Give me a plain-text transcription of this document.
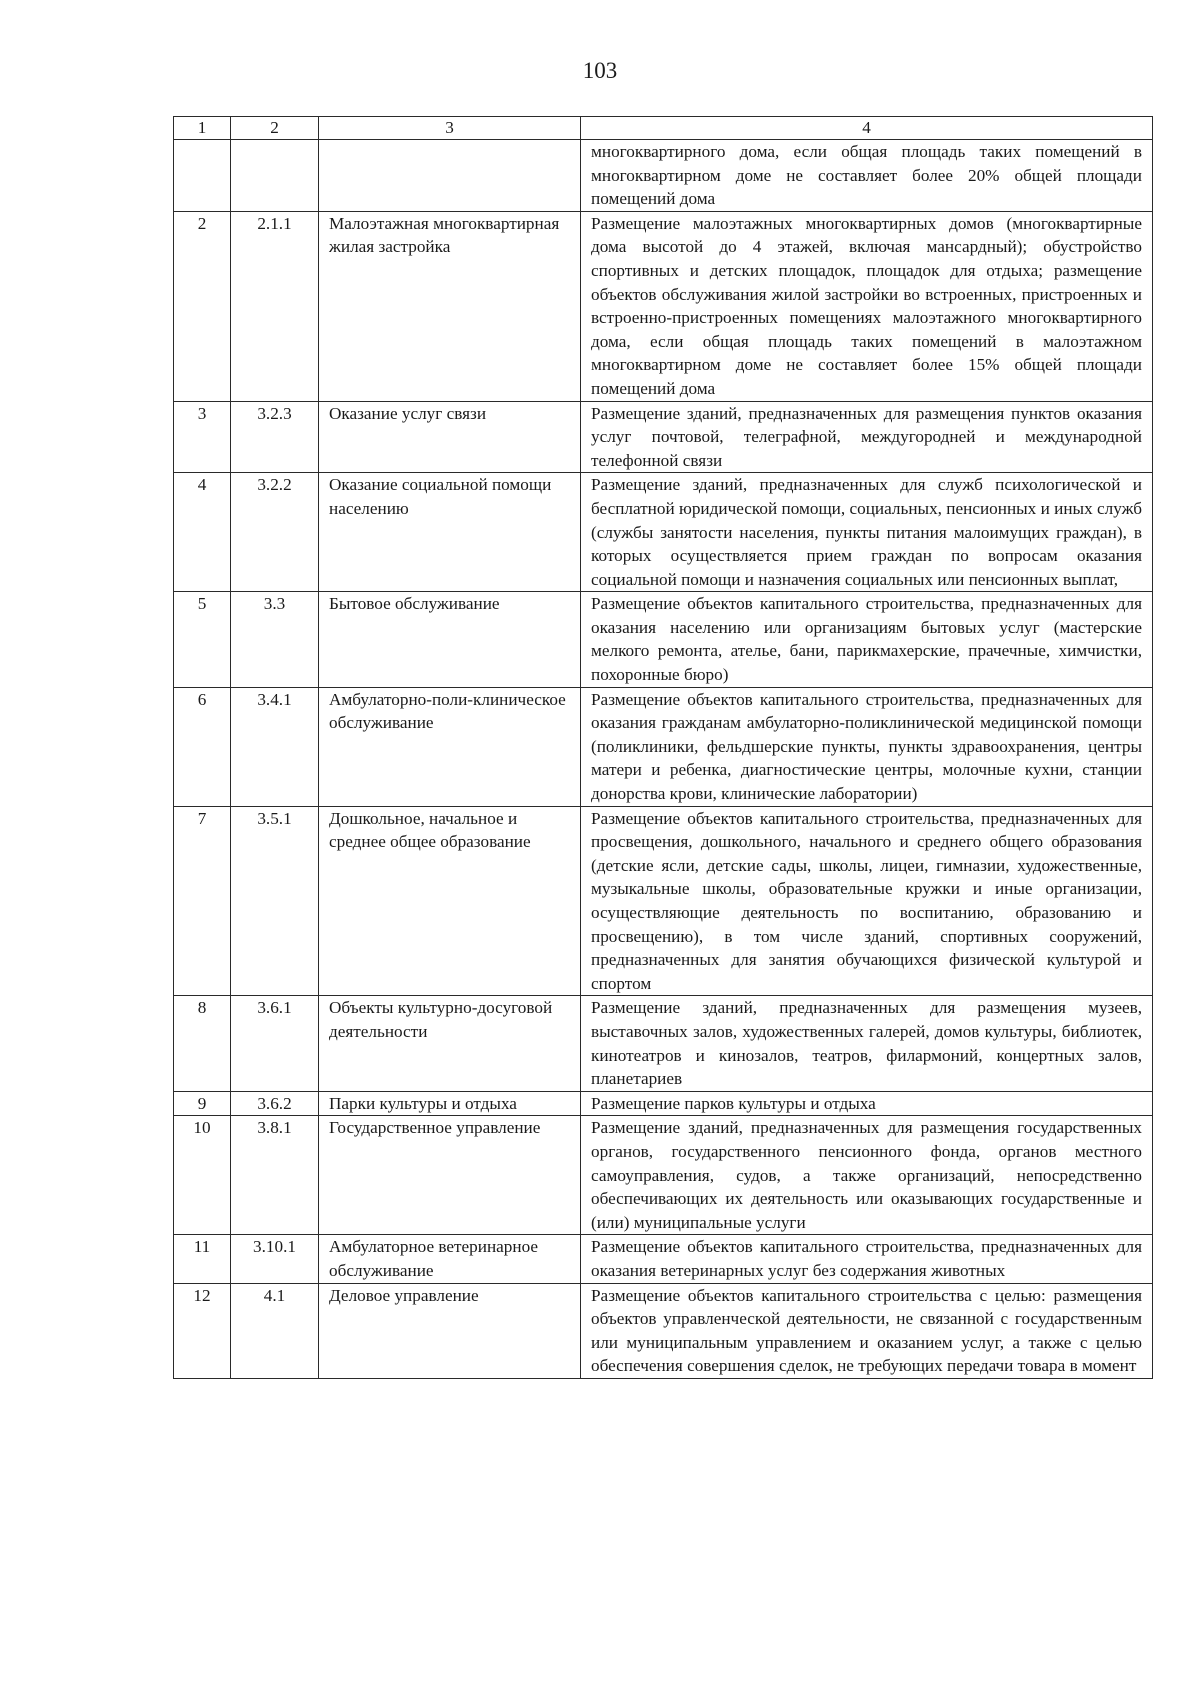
103
1	2	3	4
			многоквартирного дома, если общая площадь таких помещений в многоквартирном доме не составляет более 20% общей площади помещений дома
2	2.1.1	Малоэтажная многоквартирная жилая застройка	Размещение малоэтажных многоквартирных домов (многоквартирные дома высотой до 4 этажей, включая мансардный); обустройство спортивных и детских площадок, площадок для отдыха; размещение объектов обслуживания жилой застройки во встроенных, пристроенных и встроенно-пристроенных помещениях малоэтажного многоквартирного дома, если общая площадь таких помещений в малоэтажном многоквартирном доме не составляет более 15% общей площади помещений дома
3	3.2.3	Оказание услуг связи	Размещение зданий, предназначенных для размещения пунктов оказания услуг почтовой, телеграфной, междугородней и международной телефонной связи
4	3.2.2	Оказание социальной помощи населению	Размещение зданий, предназначенных для служб психологической и бесплатной юридической помощи, социальных, пенсионных и иных служб (службы занятости населения, пункты питания малоимущих граждан), в которых осуществляется прием граждан по вопросам оказания социальной помощи и назначения социальных или пенсионных выплат,
5	3.3	Бытовое обслуживание	Размещение объектов капитального строительства, предназначенных для оказания населению или организациям бытовых услуг (мастерские мелкого ремонта, ателье, бани, парикмахерские, прачечные, химчистки, похоронные бюро)
6	3.4.1	Амбулаторно-поли-клиническое обслуживание	Размещение объектов капитального строительства, предназначенных для оказания гражданам амбулаторно-поликлинической медицинской помощи (поликлиники, фельдшерские пункты, пункты здравоохранения, центры матери и ребенка, диагностические центры, молочные кухни, станции донорства крови, клинические лаборатории)
7	3.5.1	Дошкольное, начальное и среднее общее образование	Размещение объектов капитального строительства, предназначенных для просвещения, дошкольного, начального и среднего общего образования (детские ясли, детские сады, школы, лицеи, гимназии, художественные, музыкальные школы, образовательные кружки и иные организации, осуществляющие деятельность по воспитанию, образованию и просвещению), в том числе зданий, спортивных сооружений, предназначенных для занятия обучающихся физической культурой и спортом
8	3.6.1	Объекты культурно-досуговой деятельности	Размещение зданий, предназначенных для размещения музеев, выставочных залов, художественных галерей, домов культуры, библиотек, кинотеатров и кинозалов, театров, филармоний, концертных залов, планетариев
9	3.6.2	Парки культуры и отдыха	Размещение парков культуры и отдыха
10	3.8.1	Государственное управление	Размещение зданий, предназначенных для размещения государственных органов, государственного пенсионного фонда, органов местного самоуправления, судов, а также организаций, непосредственно обеспечивающих их деятельность или оказывающих государственные и (или) муниципальные услуги
11	3.10.1	Амбулаторное ветеринарное обслуживание	Размещение объектов капитального строительства, предназначенных для оказания ветеринарных услуг без содержания животных
12	4.1	Деловое управление	Размещение объектов капитального строительства с целью: размещения объектов управленческой деятельности, не связанной с государственным или муниципальным управлением и оказанием услуг, а также с целью обеспечения совершения сделок, не требующих передачи товара в момент
